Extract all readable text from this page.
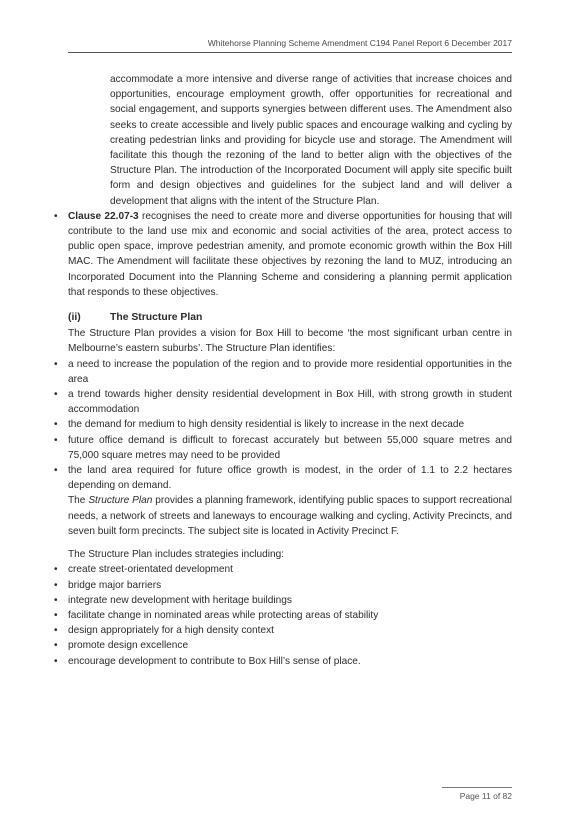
Whitehorse Planning Scheme Amendment C194 Panel Report 6 December 2017

accommodate a more intensive and diverse range of activities that increase choices and opportunities, encourage employment growth, offer opportunities for recreational and social engagement, and supports synergies between different uses. The Amendment also seeks to create accessible and lively public spaces and encourage walking and cycling by creating pedestrian links and providing for bicycle use and storage. The Amendment will facilitate this though the rezoning of the land to better align with the objectives of the Structure Plan. The introduction of the Incorporated Document will apply site specific built form and design objectives and guidelines for the subject land and will deliver a development that aligns with the intent of the Structure Plan.

• Clause 22.07-3 recognises the need to create more and diverse opportunities for housing that will contribute to the land use mix and economic and social activities of the area, protect access to public open space, improve pedestrian amenity, and promote economic growth within the Box Hill MAC. The Amendment will facilitate these objectives by rezoning the land to MUZ, introducing an Incorporated Document into the Planning Scheme and considering a planning permit application that responds to these objectives.
(ii)	The Structure Plan

The Structure Plan provides a vision for Box Hill to become ‘the most significant urban centre in Melbourne’s eastern suburbs’. The Structure Plan identifies:

• a need to increase the population of the region and to provide more residential opportunities in the area
• a trend towards higher density residential development in Box Hill, with strong growth in student accommodation
• the demand for medium to high density residential is likely to increase in the next decade
• future office demand is difficult to forecast accurately but between 55,000 square metres and 75,000 square metres may need to be provided
• the land area required for future office growth is modest, in the order of 1.1 to 2.2 hectares depending on demand.

The Structure Plan provides a planning framework, identifying public spaces to support recreational needs, a network of streets and laneways to encourage walking and cycling, Activity Precincts, and seven built form precincts. The subject site is located in Activity Precinct F.

The Structure Plan includes strategies including:

• create street-orientated development
• bridge major barriers
• integrate new development with heritage buildings
• facilitate change in nominated areas while protecting areas of stability
• design appropriately for a high density context
• promote design excellence
• encourage development to contribute to Box Hill’s sense of place.
Page 11 of 82
